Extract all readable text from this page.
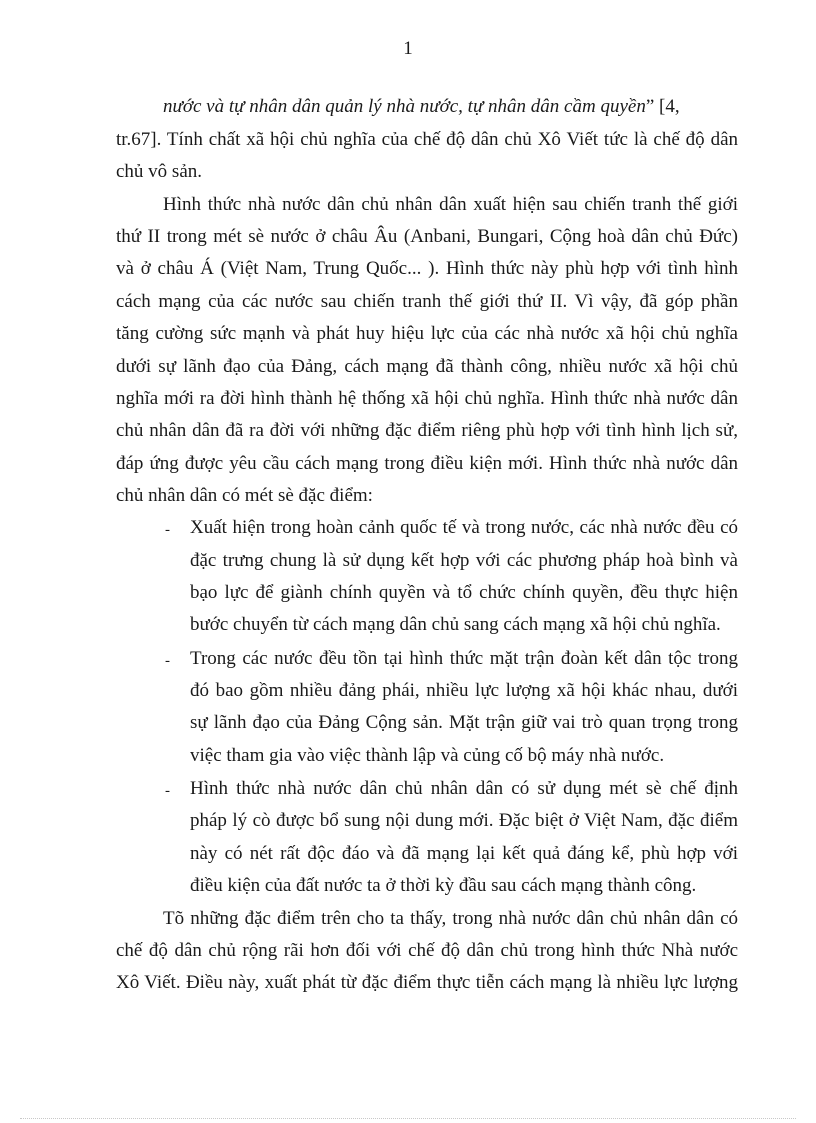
1
nước và tự nhân dân quản lý nhà nước, tự nhân dân cầm quyền” [4,
tr.67]. Tính chất xã hội chủ nghĩa của chế độ dân chủ Xô Viết tức là chế độ dân
chủ vô sản.
Hình thức nhà nước dân chủ nhân dân xuất hiện sau chiến tranh thế giới
thứ II trong mét sè nước ở châu Âu (Anbani, Bungari, Cộng hoà dân chủ Đức)
và ở châu Á (Việt Nam, Trung Quốc... ). Hình thức này phù hợp với tình hình
cách mạng của các nước sau chiến tranh thế giới thứ II. Vì vậy, đã góp phần
tăng cường sức mạnh và phát huy hiệu lực của các nhà nước xã hội chủ nghĩa
dưới sự lãnh đạo của Đảng, cách mạng đã thành công, nhiều nước xã hội chủ
nghĩa mới ra đời hình thành hệ thống xã hội chủ nghĩa. Hình thức nhà nước dân
chủ nhân dân đã ra đời với những đặc điểm riêng phù hợp với tình hình lịch sử,
đáp ứng được yêu cầu cách mạng trong điều kiện mới. Hình thức nhà nước dân
chủ nhân dân có mét sè đặc điểm:
- Xuất hiện trong hoàn cảnh quốc tế và trong nước, các nhà nước đều có
đặc trưng chung là sử dụng kết hợp với các phương pháp hoà bình và
bạo lực để giành chính quyền và tổ chức chính quyền, đều thực hiện
bước chuyển từ cách mạng dân chủ sang cách mạng xã hội chủ nghĩa.
- Trong các nước đều tồn tại hình thức mặt trận đoàn kết dân tộc trong
đó bao gồm nhiều đảng phái, nhiều lực lượng xã hội khác nhau, dưới
sự lãnh đạo của Đảng Cộng sản. Mặt trận giữ vai trò quan trọng trong
việc tham gia vào việc thành lập và củng cố bộ máy nhà nước.
- Hình thức nhà nước dân chủ nhân dân có sử dụng mét sè chế định
pháp lý cò được bổ sung nội dung mới. Đặc biệt ở Việt Nam, đặc điểm
này có nét rất độc đáo và đã mạng lại kết quả đáng kể, phù hợp với
điều kiện của đất nước ta ở thời kỳ đầu sau cách mạng thành công.
Tõ những đặc điểm trên cho ta thấy, trong nhà nước dân chủ nhân dân có
chế độ dân chủ rộng rãi hơn đối với chế độ dân chủ trong hình thức Nhà nước
Xô Viết. Điều này, xuất phát từ đặc điểm thực tiễn cách mạng là nhiều lực lượng
